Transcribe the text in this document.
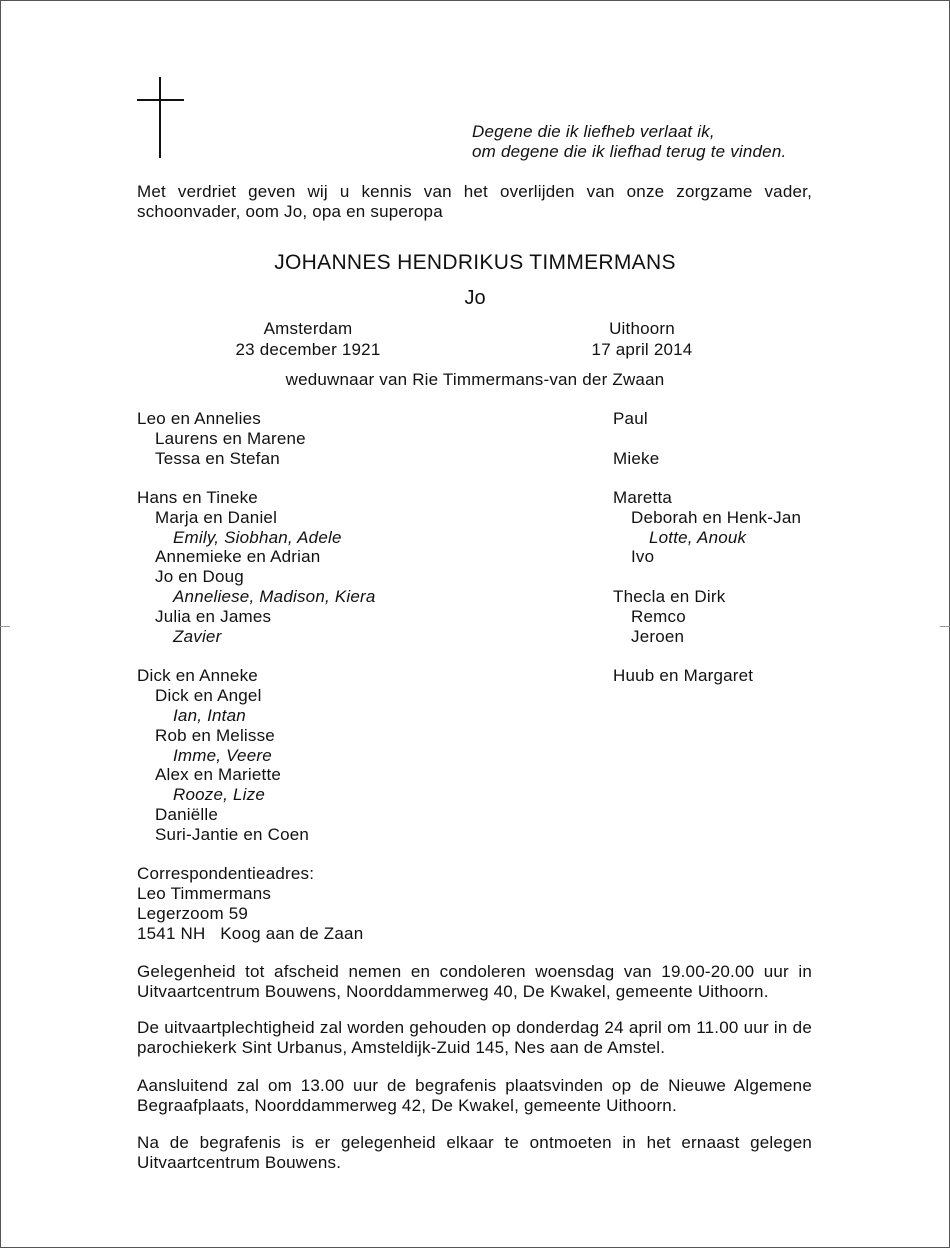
Degene die ik liefheb verlaat ik,
om degene die ik liefhad terug te vinden.
Met verdriet geven wij u kennis van het overlijden van onze zorgzame vader, schoonvader, oom Jo, opa en superopa
JOHANNES HENDRIKUS TIMMERMANS
Jo
Amsterdam
23 december 1921
Uithoorn
17 april 2014
weduwnaar van Rie Timmermans-van der Zwaan
Leo en Annelies
Laurens en Marene
Tessa en Stefan
Hans en Tineke
Marja en Daniel
Emily, Siobhan, Adele
Annemieke en Adrian
Jo en Doug
Anneliese, Madison, Kiera
Julia en James
Zavier
Dick en Anneke
Dick en Angel
Ian, Intan
Rob en Melisse
Imme, Veere
Alex en Mariette
Rooze, Lize
Daniëlle
Suri-Jantie en Coen
Paul
Mieke
Maretta
Deborah en Henk-Jan
Lotte, Anouk
Ivo
Thecla en Dirk
Remco
Jeroen
Huub en Margaret
Correspondentieadres:
Leo Timmermans
Legerzoom 59
1541 NH   Koog aan de Zaan
Gelegenheid tot afscheid nemen en condoleren woensdag van 19.00-20.00 uur in Uitvaartcentrum Bouwens, Noorddammerweg 40, De Kwakel, gemeente Uithoorn.
De uitvaartplechtigheid zal worden gehouden op donderdag 24 april om 11.00 uur in de parochiekerk Sint Urbanus, Amsteldijk-Zuid 145, Nes aan de Amstel.
Aansluitend zal om 13.00 uur de begrafenis plaatsvinden op de Nieuwe Algemene Begraafplaats, Noorddammerweg 42, De Kwakel, gemeente Uithoorn.
Na de begrafenis is er gelegenheid elkaar te ontmoeten in het ernaast gelegen Uitvaartcentrum Bouwens.
